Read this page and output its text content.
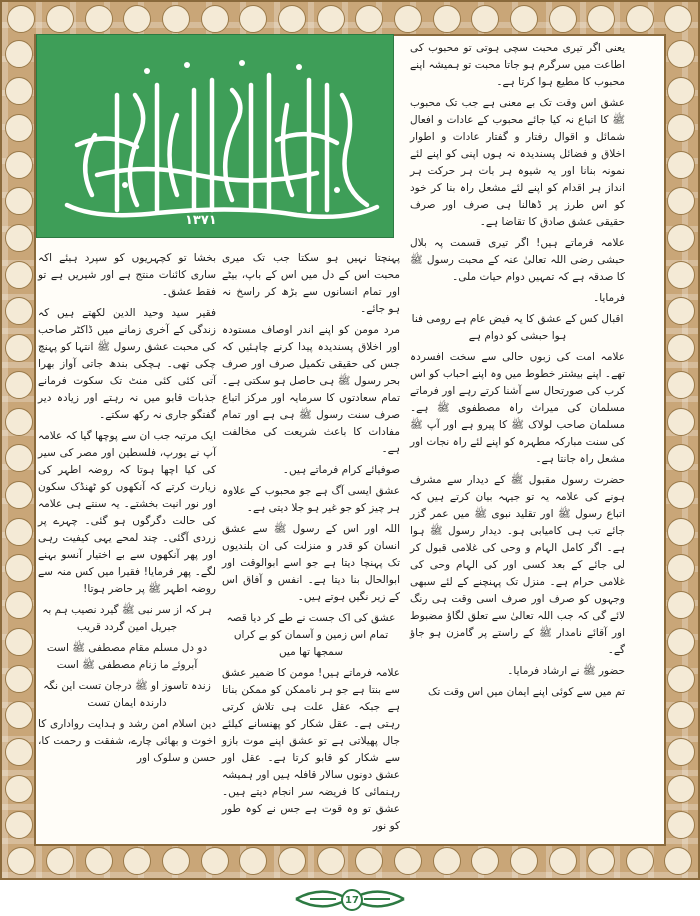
۱۳۷۱

یعنی اگر تیری محبت سچی ہوتی تو محبوب کی اطاعت میں سرگرم ہو جاتا محبت تو ہمیشہ اپنے محبوب کا مطیع ہوا کرتا ہے۔

عشق اس وقت تک بے معنی ہے جب تک محبوب ﷺ کا اتباع نہ کیا جائے محبوب کے عادات و افعال شمائل و اقوال رفتار و گفتار عادات و اطوار اخلاق و فضائل پسندیدہ نہ ہوں اپنی کو اپنے لئے نمونہ بنانا اور یہ شیوہ ہر بات ہر حرکت ہر انداز ہر اقدام کو اپنے لئے مشعل راہ بنا کر خود کو اس طرز پر ڈھالنا ہی صرف اور صرف حقیقی عشق صادق کا تقاضا ہے۔

علامہ فرماتے ہیں! اگر تیری قسمت پہ بلال حبشی رضی اللہ تعالیٰ عنہ کے محبت رسول ﷺ کا صدقہ ہے کہ تمہیں دوام حیات ملی۔

فرمایا۔

اقبال کس کے عشق کا یہ فیض عام ہے رومی فنا ہوا حبشی کو دوام ہے

علامہ امت کی زبوں حالی سے سخت افسردہ تھے۔ اپنے بیشتر خطوط میں وہ اپنے احباب کو اس کرب کی صورتحال سے آشنا کرتے رہے اور فرماتے مسلمان کی میراث راہ مصطفوی ﷺ ہے۔ مسلمان صاحب لولاک ﷺ کا پیرو ہے اور آپ ﷺ کی سنت مبارکہ مطہرہ کو اپنے لئے راہ نجات اور مشعل راہ جانتا ہے۔

حضرت رسول مقبول ﷺ کے دیدار سے مشرف ہونے کی علامہ یہ تو جیہہ بیان کرتے ہیں کہ اتباع رسول ﷺ اور تقلید نبوی ﷺ میں عمر گزر جائے تب ہی کامیابی ہو۔ دیدار رسول ﷺ ہوا ہے۔ اگر کامل الہام و وحی کی غلامی قبول کر لی جائے کے بعد کسی اور کی الہام وحی کی غلامی حرام ہے۔ منزل تک پہنچنے کے لئے سبھی وجہوں کو صرف اور صرف اسی وقت ہی رنگ لائے گی کہ جب اللہ تعالیٰ سے تعلق لگاؤ مضبوط اور آقائے نامدار ﷺ کے راستے پر گامزن ہو جاؤ گے۔

حضور ﷺ نے ارشاد فرمایا۔

تم میں سے کوئی اپنے ایمان میں اس وقت تک

پہنچتا نہیں ہو سکتا جب تک میری محبت اس کے دل میں اس کے باپ، بیٹے اور تمام انسانوں سے بڑھ کر راسخ نہ ہو جائے۔

مرد مومن کو اپنے اندر اوصاف مستودہ اور اخلاق پسندیدہ پیدا کرنے چاہئیں کہ جس کی حقیقی تکمیل صرف اور صرف بحر رسول ﷺ ہی حاصل ہو سکتی ہے۔ تمام سعادتوں کا سرمایہ اور مرکز اتباع صرف سنت رسول ﷺ ہی ہے اور تمام مفادات کا باعث شریعت کی مخالفت ہے۔

صوفیائے کرام فرماتے ہیں۔

عشق ایسی آگ ہے جو محبوب کے علاوہ ہر چیز کو جو غیر ہو جلا دیتی ہے۔

اللہ اور اس کے رسول ﷺ سے عشق انسان کو قدر و منزلت کی ان بلندیوں تک پہنچا دیتا ہے جو اسے ابوالوقت اور ابوالحال بنا دیتا ہے۔ انفس و آفاق اس کے زیر نگیں ہوتے ہیں۔

عشق کی اک جست نے طے کر دیا قصہ تمام اس زمین و آسمان کو بے کراں سمجھا تھا میں

علامہ فرماتے ہیں! مومن کا ضمیر عشق سے بنتا ہے جو ہر ناممکن کو ممکن بناتا ہے جبکہ عقل علت ہی تلاش کرتی رہتی ہے۔ عقل شکار کو پھنسانے کیلئے جال پھیلاتی ہے تو عشق اپنے موت بازو سے شکار کو قابو کرتا ہے۔ عقل اور عشق دونوں سالار قافلہ ہیں اور ہمیشہ رہنمائی کا فریضہ سر انجام دیتے ہیں۔ عشق تو وہ قوت ہے جس نے کوہ طور کو نور

بخشا تو کچہریوں کو سپرد ہیئے اکہ ساری کائنات منتج ہے اور شیریں ہے تو فقط عشق۔

فقیر سید وحید الدین لکھتے ہیں کہ زندگی کے آخری زمانے میں ڈاکٹر صاحب کی محبت عشق رسول ﷺ انتہا کو پہنچ چکی تھی۔ ہچکی بندھ جاتی آواز بھرا آتی کئی کئی منٹ تک سکوت فرمانے جذبات قابو میں نہ رہتے اور زیادہ دیر گفتگو جاری نہ رکھ سکتے۔

ایک مرتبہ جب ان سے پوچھا گیا کہ علامہ آپ نے یورپ، فلسطین اور مصر کی سیر کی کیا اچھا ہوتا کہ روضہ اطہر کی زیارت کرتے کہ آنکھوں کو ٹھنڈک سکون اور نور انیت بخشتے۔ یہ سنتے ہی علامہ کی حالت دگرگوں ہو گئی۔ چہرے پر زردی آگئی۔ چند لمحے یہی کیفیت رہی اور پھر آنکھوں سے بے اختیار آنسو بہنے لگے۔ پھر فرمایا! فقیرا میں کس منہ سے روضہ اطہر ﷺ پر حاضر ہوتا!

ہر کہ از سر نبی ﷺ گیرد نصیب ہم بہ جبریل امین گردد قریب

دو دل مسلم مقام مصطفی ﷺ است آبروئے ما زنام مصطفی ﷺ است

زندہ تاسوز او ﷺ درجان تست این نگہ دارندہ ایمان تست

دین اسلام امن رشد و ہدایت رواداری کا اخوت و بھائی چارے، شفقت و رحمت کا، حسن و سلوک اور

17
